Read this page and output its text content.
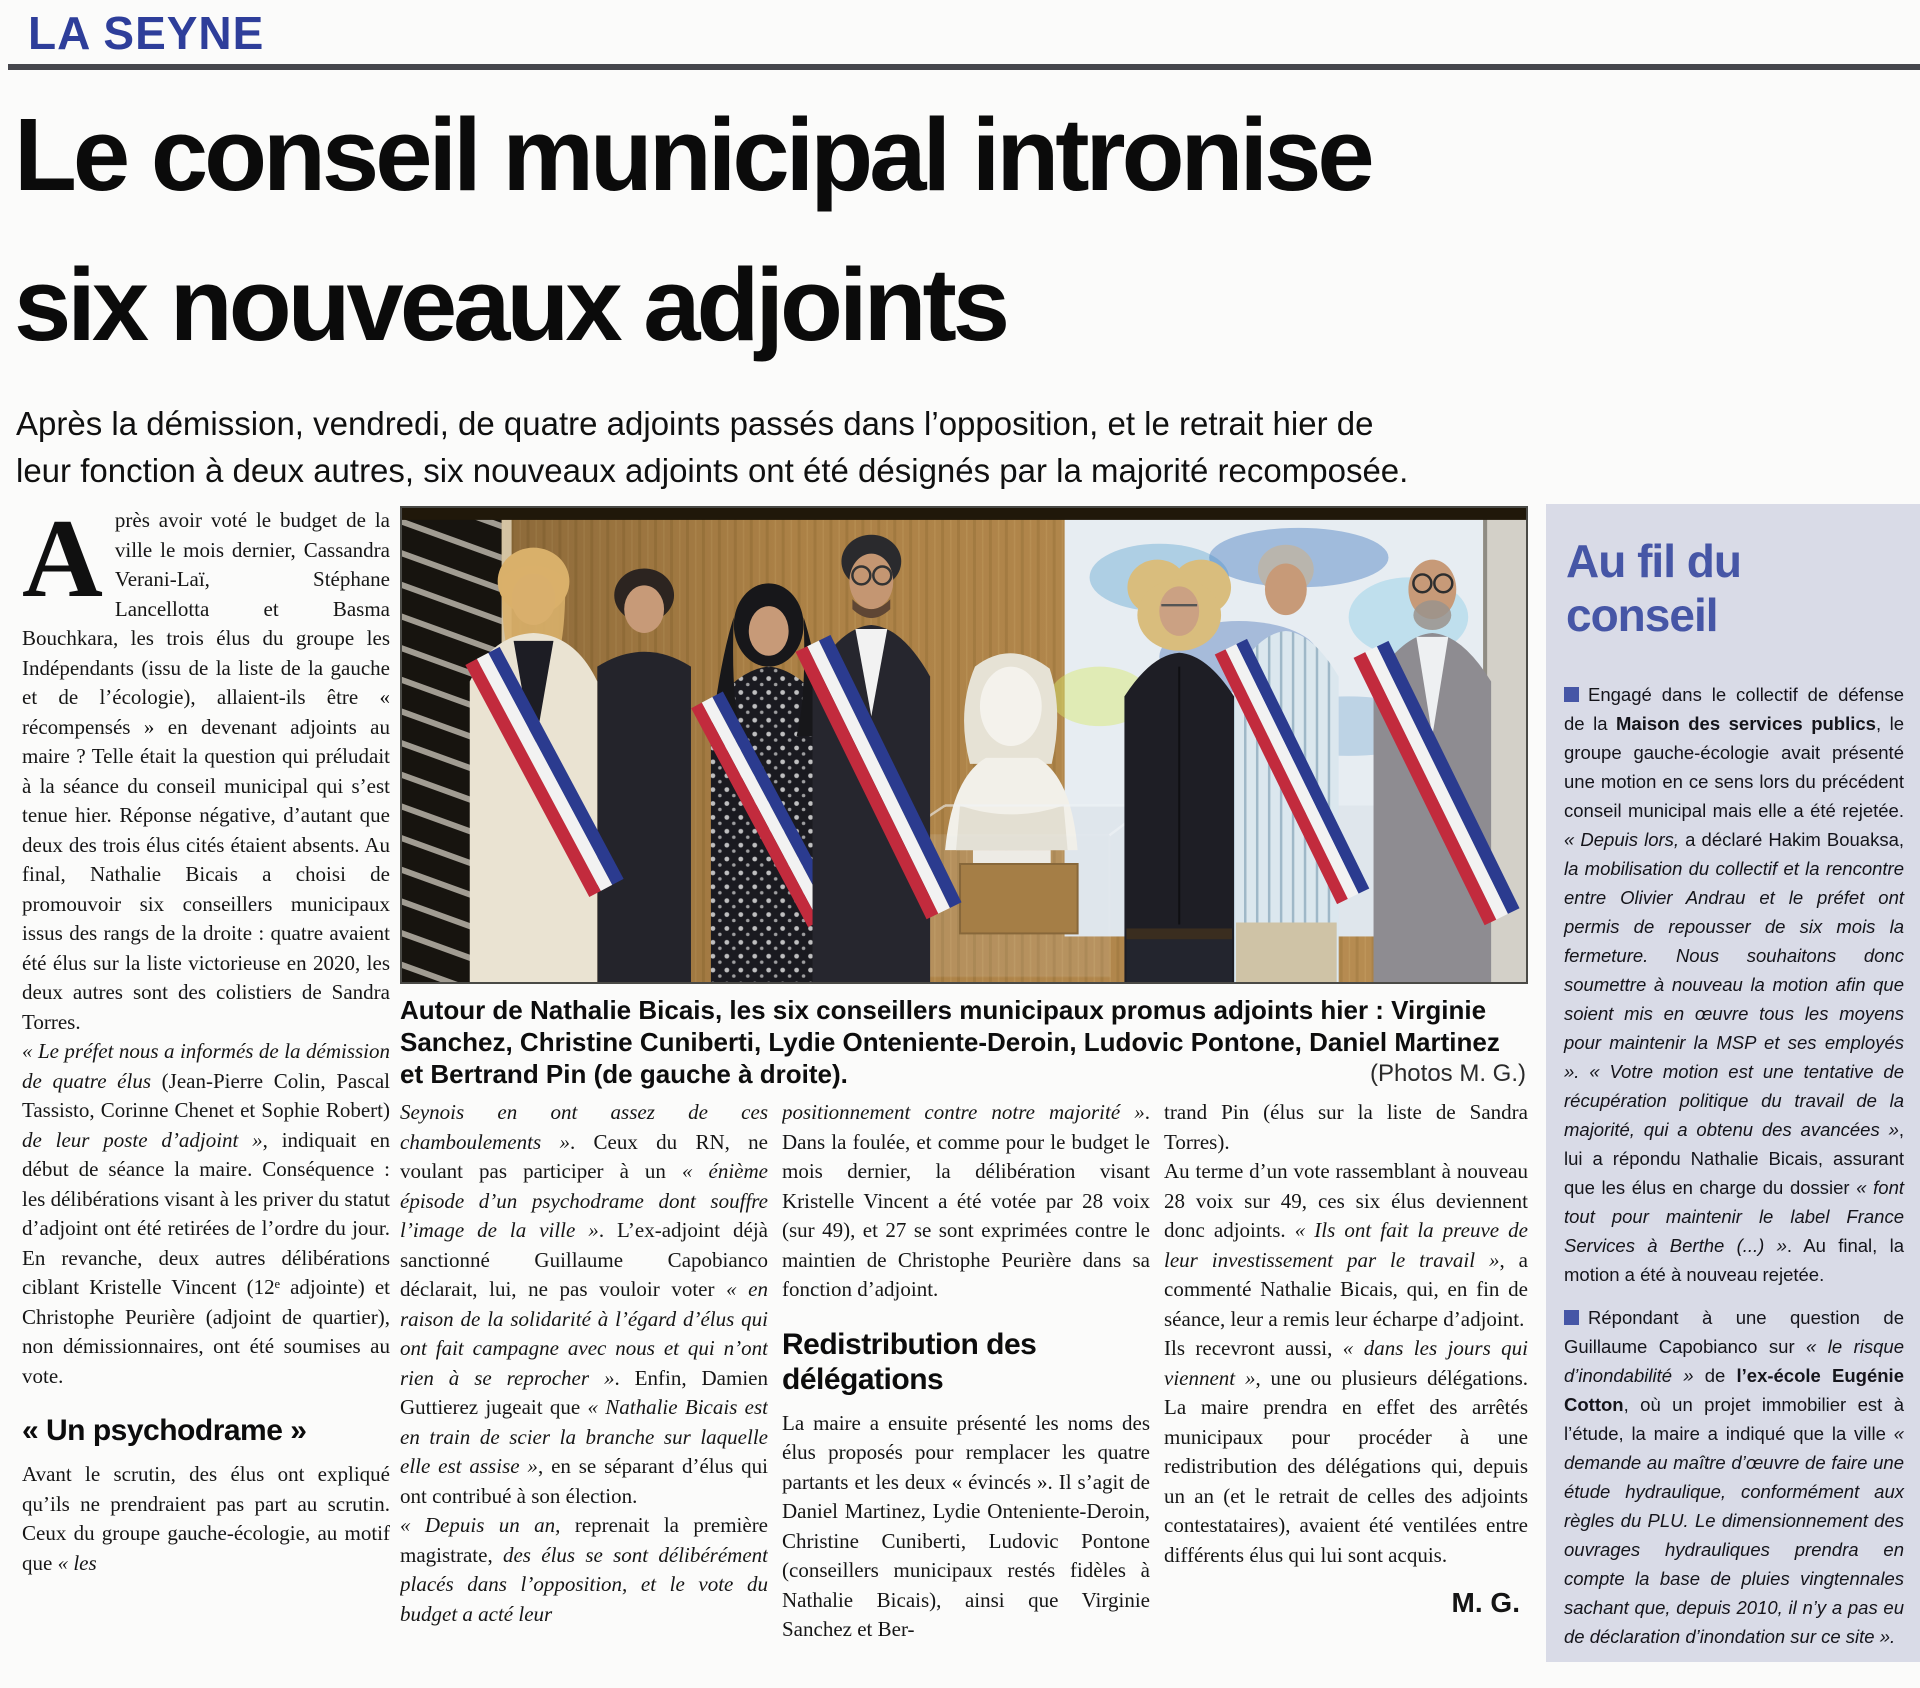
LA SEYNE
Le conseil municipal intronise
six nouveaux adjoints
Après la démission, vendredi, de quatre adjoints passés dans l’opposition, et le retrait hier de
leur fonction à deux autres, six nouveaux adjoints ont été désignés par la majorité recomposée.

Après avoir voté le budget de la ville le mois dernier, Cassandra Verani-Laï, Stéphane Lancellotta et Basma Bouchkara, les trois élus du groupe les Indépendants (issu de la liste de la gauche et de l’écologie), allaient-ils être « récompensés » en devenant adjoints au maire ? Telle était la question qui préludait à la séance du conseil municipal qui s’est tenue hier. Réponse négative, d’autant que deux des trois élus cités étaient absents. Au final, Nathalie Bicais a choisi de promouvoir six conseillers municipaux issus des rangs de la droite : quatre avaient été élus sur la liste victorieuse en 2020, les deux autres sont des colistiers de Sandra Torres.

« Le préfet nous a informés de la démission de quatre élus (Jean-Pierre Colin, Pascal Tassisto, Corinne Chenet et Sophie Robert) de leur poste d’adjoint », indiquait en début de séance la maire. Conséquence : les délibérations visant à les priver du statut d’adjoint ont été retirées de l’ordre du jour. En revanche, deux autres délibérations ciblant Kristelle Vincent (12ᵉ adjointe) et Christophe Peurière (adjoint de quartier), non démissionnaires, ont été soumises au vote.

« Un psychodrame »

Avant le scrutin, des élus ont expliqué qu’ils ne prendraient pas part au scrutin. Ceux du groupe gauche-écologie, au motif que « les

Autour de Nathalie Bicais, les six conseillers municipaux promus adjoints hier : Virginie Sanchez, Christine Cuniberti, Lydie Onteniente-Deroin, Ludovic Pontone, Daniel Martinez et Bertrand Pin (de gauche à droite).	(Photos M. G.)

Seynois en ont assez de ces chamboulements ». Ceux du RN, ne voulant pas participer à un « énième épisode d’un psychodrame dont souffre l’image de la ville ». L’ex-adjoint déjà sanctionné Guillaume Capobianco déclarait, lui, ne pas vouloir voter « en raison de la solidarité à l’égard d’élus qui ont fait campagne avec nous et qui n’ont rien à se reprocher ». Enfin, Damien Guttierez jugeait que « Nathalie Bicais est en train de scier la branche sur laquelle elle est assise », en se séparant d’élus qui ont contribué à son élection.

« Depuis un an, reprenait la première magistrate, des élus se sont délibérément placés dans l’opposition, et le vote du budget a acté leur

positionnement contre notre majorité ». Dans la foulée, et comme pour le budget le mois dernier, la délibération visant Kristelle Vincent a été votée par 28 voix (sur 49), et 27 se sont exprimées contre le maintien de Christophe Peurière dans sa fonction d’adjoint.

Redistribution des délégations

La maire a ensuite présenté les noms des élus proposés pour remplacer les quatre partants et les deux « évincés ». Il s’agit de Daniel Martinez, Lydie Onteniente-Deroin, Christine Cuniberti, Ludovic Pontone (conseillers municipaux restés fidèles à Nathalie Bicais), ainsi que Virginie Sanchez et Ber-

trand Pin (élus sur la liste de Sandra Torres).

Au terme d’un vote rassemblant à nouveau 28 voix sur 49, ces six élus deviennent donc adjoints. « Ils ont fait la preuve de leur investissement par le travail », a commenté Nathalie Bicais, qui, en fin de séance, leur a remis leur écharpe d’adjoint.

Ils recevront aussi, « dans les jours qui viennent », une ou plusieurs délégations. La maire prendra en effet des arrêtés municipaux pour procéder à une redistribution des délégations qui, depuis un an (et le retrait de celles des adjoints contestataires), avaient été ventilées entre différents élus qui lui sont acquis.

M. G.
Au fil du conseil
Engagé dans le collectif de défense de la Maison des services publics, le groupe gauche-écologie avait présenté une motion en ce sens lors du précédent conseil municipal mais elle a été rejetée. « Depuis lors, a déclaré Hakim Bouaksa, la mobilisation du collectif et la rencontre entre Olivier Andrau et le préfet ont permis de repousser de six mois la fermeture. Nous souhaitons donc soumettre à nouveau la motion afin que soient mis en œuvre tous les moyens pour maintenir la MSP et ses employés ». « Votre motion est une tentative de récupération politique du travail de la majorité, qui a obtenu des avancées », lui a répondu Nathalie Bicais, assurant que les élus en charge du dossier « font tout pour maintenir le label France Services à Berthe (...) ». Au final, la motion a été à nouveau rejetée.
Répondant à une question de Guillaume Capobianco sur « le risque d’inondabilité » de l’ex-école Eugénie Cotton, où un projet immobilier est à l’étude, la maire a indiqué que la ville « demande au maître d’œuvre de faire une étude hydraulique, conformément aux règles du PLU. Le dimensionnement des ouvrages hydrauliques prendra en compte la base de pluies vingtennales sachant que, depuis 2010, il n’y a pas eu de déclaration d’inondation sur ce site ».
